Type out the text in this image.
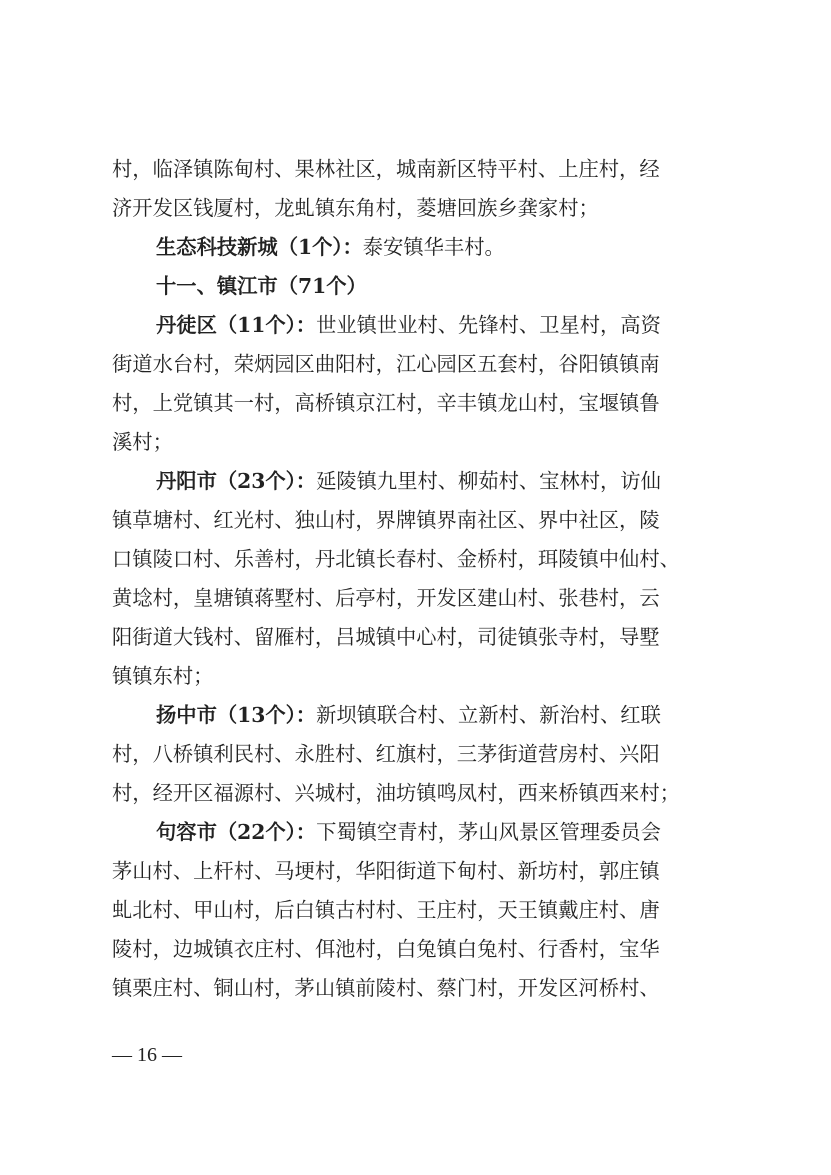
村，临泽镇陈甸村、果林社区，城南新区特平村、上庄村，经
济开发区钱厦村，龙虬镇东角村，菱塘回族乡龚家村；
生态科技新城（1个）：泰安镇华丰村。
十一、镇江市（71个）
丹徒区（11个）：世业镇世业村、先锋村、卫星村，高资
街道水台村，荣炳园区曲阳村，江心园区五套村，谷阳镇镇南
村，上党镇其一村，高桥镇京江村，辛丰镇龙山村，宝堰镇鲁
溪村；
丹阳市（23个）：延陵镇九里村、柳茹村、宝林村，访仙
镇草塘村、红光村、独山村，界牌镇界南社区、界中社区，陵
口镇陵口村、乐善村，丹北镇长春村、金桥村，珥陵镇中仙村、
黄埝村，皇塘镇蒋墅村、后亭村，开发区建山村、张巷村，云
阳街道大钱村、留雁村，吕城镇中心村，司徒镇张寺村，导墅
镇镇东村；
扬中市（13个）：新坝镇联合村、立新村、新治村、红联
村，八桥镇利民村、永胜村、红旗村，三茅街道营房村、兴阳
村，经开区福源村、兴城村，油坊镇鸣凤村，西来桥镇西来村；
句容市（22个）：下蜀镇空青村，茅山风景区管理委员会
茅山村、上杆村、马埂村，华阳街道下甸村、新坊村，郭庄镇
虬北村、甲山村，后白镇古村村、王庄村，天王镇戴庄村、唐
陵村，边城镇衣庄村、佴池村，白兔镇白兔村、行香村，宝华
镇栗庄村、铜山村，茅山镇前陵村、蔡门村，开发区河桥村、
— 16 —
